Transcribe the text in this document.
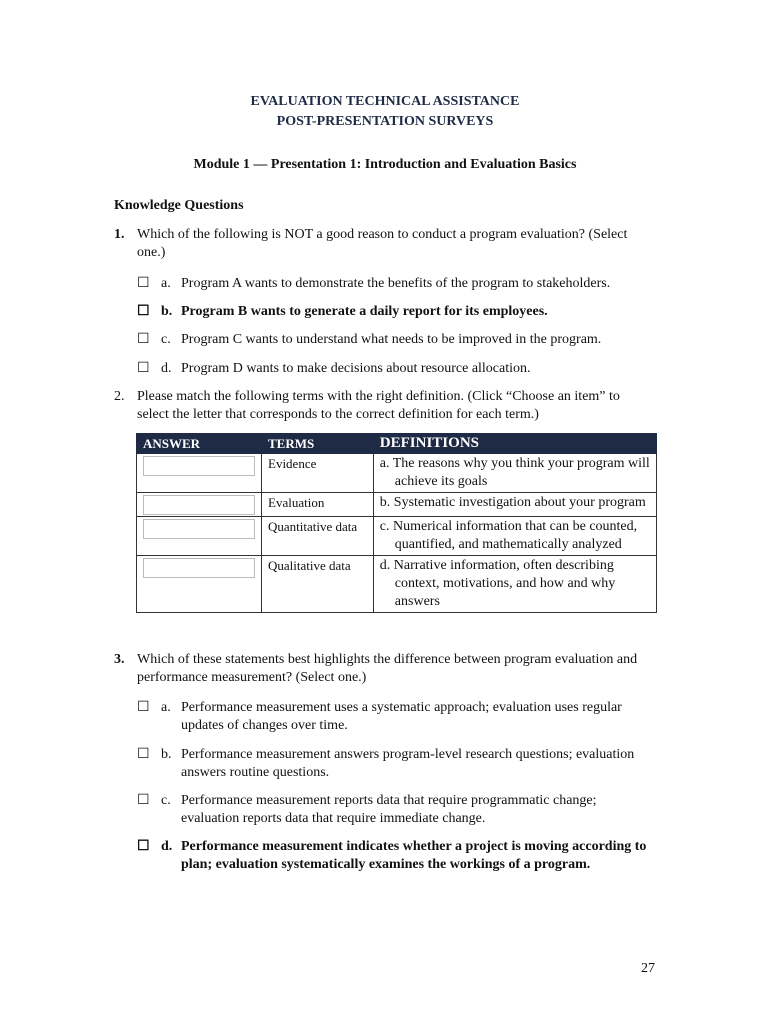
EVALUATION TECHNICAL ASSISTANCE
POST-PRESENTATION SURVEYS
Module 1 — Presentation 1: Introduction and Evaluation Basics
Knowledge Questions
1. Which of the following is NOT a good reason to conduct a program evaluation? (Select one.)
☐ a. Program A wants to demonstrate the benefits of the program to stakeholders.
☐ b. Program B wants to generate a daily report for its employees.
☐ c. Program C wants to understand what needs to be improved in the program.
☐ d. Program D wants to make decisions about resource allocation.
2. Please match the following terms with the right definition. (Click “Choose an item” to select the letter that corresponds to the correct definition for each term.)
ANSWER	TERMS	DEFINITIONS

	Evidence	a. The reasons why you think your program will achieve its goals

	Evaluation	b. Systematic investigation about your program

	Quantitative data	c. Numerical information that can be counted, quantified, and mathematically analyzed

	Qualitative data	d. Narrative information, often describing context, motivations, and how and why answers
3. Which of these statements best highlights the difference between program evaluation and performance measurement? (Select one.)
☐ a. Performance measurement uses a systematic approach; evaluation uses regular updates of changes over time.
☐ b. Performance measurement answers program-level research questions; evaluation answers routine questions.
☐ c. Performance measurement reports data that require programmatic change; evaluation reports data that require immediate change.
☐ d. Performance measurement indicates whether a project is moving according to plan; evaluation systematically examines the workings of a program.
27
